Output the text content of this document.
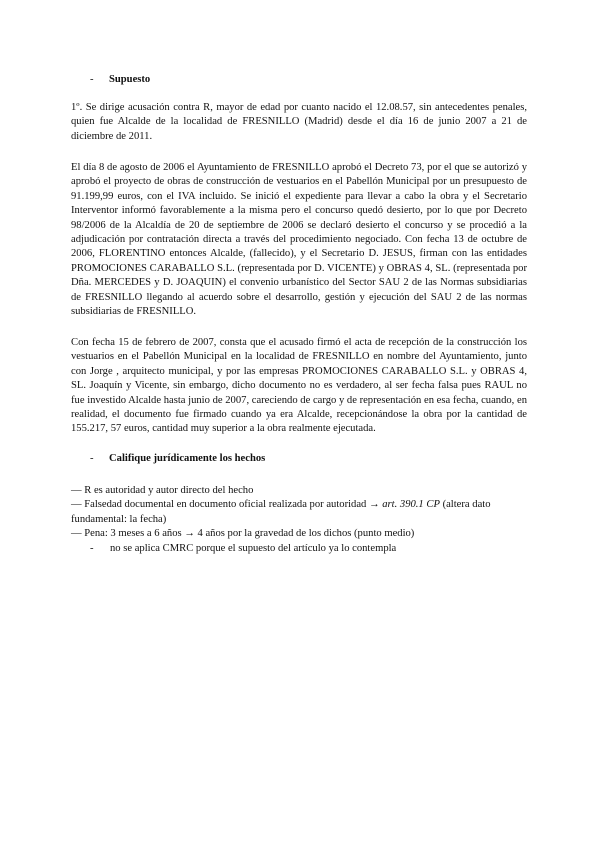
-	Supuesto

1º. Se dirige acusación contra R, mayor de edad por cuanto nacido el 12.08.57, sin antecedentes penales, quien fue Alcalde de la localidad de FRESNILLO (Madrid) desde el día 16 de junio 2007 a 21 de diciembre de 2011.

El día 8 de agosto de 2006 el Ayuntamiento de FRESNILLO aprobó el Decreto 73, por el que se autorizó y aprobó el proyecto de obras de construcción de vestuarios en el Pabellón Municipal por un presupuesto de 91.199,99 euros, con el IVA incluido. Se inició el expediente para llevar a cabo la obra y el Secretario Interventor informó favorablemente a la misma pero el concurso quedó desierto, por lo que por Decreto 98/2006 de la Alcaldía de 20 de septiembre de 2006 se declaró desierto el concurso y se procedió a la adjudicación por contratación directa a través del procedimiento negociado. Con fecha 13 de octubre de 2006, FLORENTINO entonces Alcalde, (fallecido), y el Secretario D. JESUS, firman con las entidades PROMOCIONES CARABALLO S.L. (representada por D. VICENTE) y OBRAS 4, SL. (representada por Dña. MERCEDES y D. JOAQUIN) el convenio urbanístico del Sector SAU 2 de las Normas subsidiarias de FRESNILLO llegando al acuerdo sobre el desarrollo, gestión y ejecución del SAU 2 de las normas subsidiarias de FRESNILLO.

Con fecha 15 de febrero de 2007, consta que el acusado firmó el acta de recepción de la construcción los vestuarios en el Pabellón Municipal en la localidad de FRESNILLO en nombre del Ayuntamiento, junto con Jorge , arquitecto municipal, y por las empresas PROMOCIONES CARABALLO S.L. y OBRAS 4, SL. Joaquín y Vicente, sin embargo, dicho documento no es verdadero, al ser fecha falsa pues RAUL no fue investido Alcalde hasta junio de 2007, careciendo de cargo y de representación en esa fecha, cuando, en realidad, el documento fue firmado cuando ya era Alcalde, recepcionándose la obra por la cantidad de 155.217, 57 euros, cantidad muy superior a la obra realmente ejecutada.

-	Califique jurídicamente los hechos
— R es autoridad y autor directo del hecho
— Falsedad documental en documento oficial realizada por autoridad → art. 390.1 CP (altera dato
fundamental: la fecha)
— Pena: 3 meses a 6 años → 4 años por la gravedad de los dichos (punto medio)
-	no se aplica CMRC porque el supuesto del artículo ya lo contempla
